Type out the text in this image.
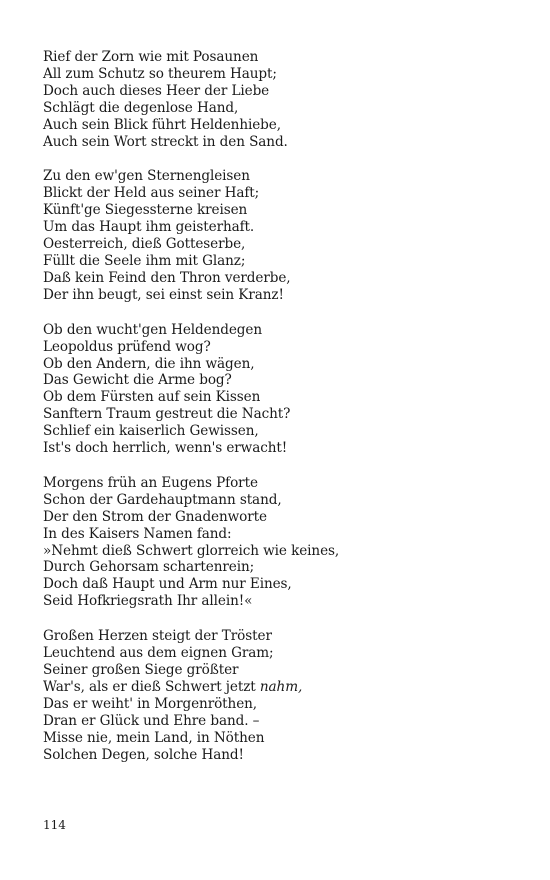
Rief der Zorn wie mit Posaunen
All zum Schutz so theurem Haupt;
Doch auch dieses Heer der Liebe
Schlägt die degenlose Hand,
Auch sein Blick führt Heldenhiebe,
Auch sein Wort streckt in den Sand.
Zu den ew'gen Sternengleisen
Blickt der Held aus seiner Haft;
Künft'ge Siegessterne kreisen
Um das Haupt ihm geisterhaft.
Oesterreich, dieß Gotteserbe,
Füllt die Seele ihm mit Glanz;
Daß kein Feind den Thron verderbe,
Der ihn beugt, sei einst sein Kranz!
Ob den wucht'gen Heldendegen
Leopoldus prüfend wog?
Ob den Andern, die ihn wägen,
Das Gewicht die Arme bog?
Ob dem Fürsten auf sein Kissen
Sanftern Traum gestreut die Nacht?
Schlief ein kaiserlich Gewissen,
Ist's doch herrlich, wenn's erwacht!
Morgens früh an Eugens Pforte
Schon der Gardehauptmann stand,
Der den Strom der Gnadenworte
In des Kaisers Namen fand:
»Nehmt dieß Schwert glorreich wie keines,
Durch Gehorsam schartenrein;
Doch daß Haupt und Arm nur Eines,
Seid Hofkriegsrath Ihr allein!«
Großen Herzen steigt der Tröster
Leuchtend aus dem eignen Gram;
Seiner großen Siege größter
War's, als er dieß Schwert jetzt nahm,
Das er weiht' in Morgenröthen,
Dran er Glück und Ehre band. –
Misse nie, mein Land, in Nöthen
Solchen Degen, solche Hand!
114
